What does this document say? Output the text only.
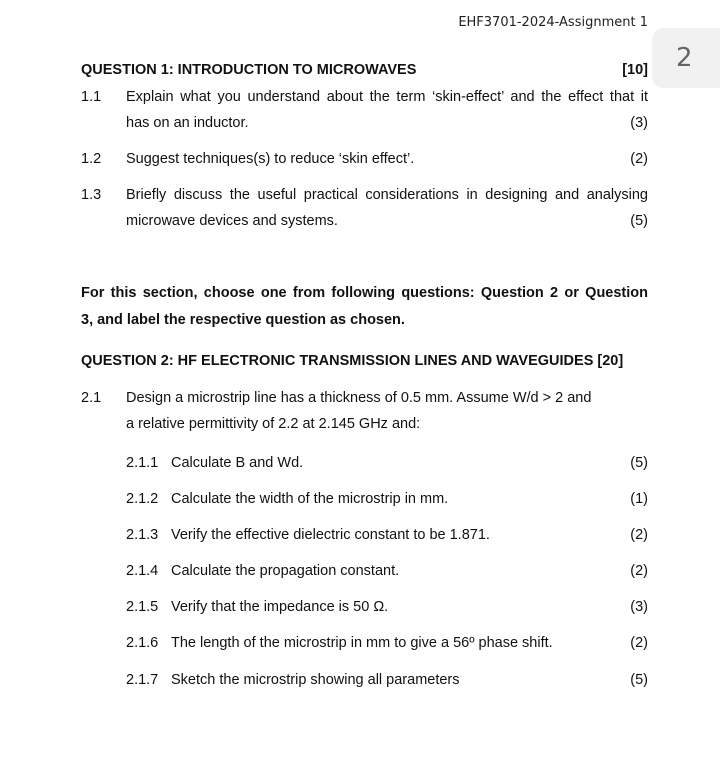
2
EHF3701-2024-Assignment 1
QUESTION 1: INTRODUCTION TO MICROWAVES	[10]
1.1 Explain what you understand about the term ‘skin-effect’ and the effect that it
has on an inductor.	(3)
1.2 Suggest techniques(s) to reduce ‘skin effect’.	(2)
1.3 Briefly discuss the useful practical considerations in designing and analysing
microwave devices and systems.	(5)
For this section, choose one from following questions: Question 2 or Question
3, and label the respective question as chosen.
QUESTION 2: HF ELECTRONIC TRANSMISSION LINES AND WAVEGUIDES [20]
2.1 Design a microstrip line has a thickness of 0.5 mm. Assume W/d > 2 and
a relative permittivity of 2.2 at 2.145 GHz and:
2.1.1 Calculate B and Wd.	(5)
2.1.2 Calculate the width of the microstrip in mm.	(1)
2.1.3 Verify the effective dielectric constant to be 1.871.	(2)
2.1.4 Calculate the propagation constant.	(2)
2.1.5 Verify that the impedance is 50 Ω.	(3)
2.1.6 The length of the microstrip in mm to give a 56º phase shift.	(2)
2.1.7 Sketch the microstrip showing all parameters	(5)
